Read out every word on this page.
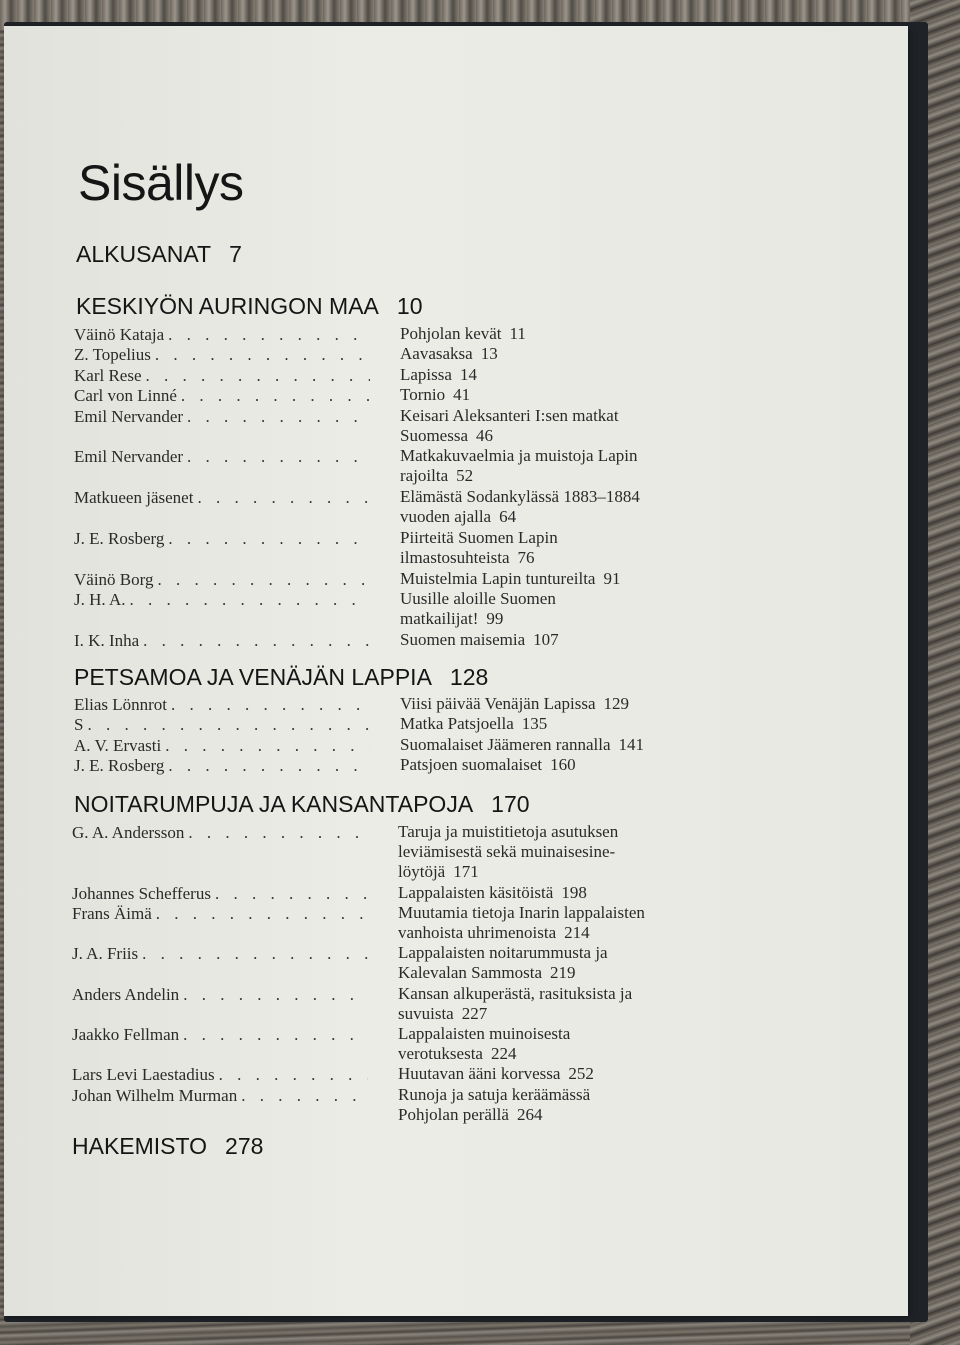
Sisällys
ALKUSANAT 7
KESKIYÖN AURINGON MAA 10
Väinö Kataja . . .	Pohjolan kevät 11
Z. Topelius . . .	Aavasaksa 13
Karl Rese . . .	Lapissa 14
Carl von Linné . . .	Tornio 41
Emil Nervander . . .	Keisari Aleksanteri I:sen matkat
Suomessa 46
Emil Nervander . . .	Matkakuvaelmia ja muistoja Lapin
rajoilta 52
Matkueen jäsenet . . .	Elämästä Sodankylässä 1883–1884
vuoden ajalla 64
J. E. Rosberg . . .	Piirteitä Suomen Lapin
ilmastosuhteista 76
Väinö Borg . . .	Muistelmia Lapin tuntureilta 91
J. H. A. . . .	Uusille aloille Suomen
matkailijat! 99
I. K. Inha . . .	Suomen maisemia 107
PETSAMOA JA VENÄJÄN LAPPIA 128
Elias Lönnrot . . .	Viisi päivää Venäjän Lapissa 129
S . . .	Matka Patsjoella 135
A. V. Ervasti . . .	Suomalaiset Jäämeren rannalla 141
J. E. Rosberg . . .	Patsjoen suomalaiset 160
NOITARUMPUJA JA KANSANTAPOJA 170
G. A. Andersson . . .	Taruja ja muistitietoja asutuksen
leviämisestä sekä muinaisesine-
löytöjä 171
Johannes Schefferus . . .	Lappalaisten käsitöistä 198
Frans Äimä . . .	Muutamia tietoja Inarin lappalaisten
vanhoista uhrimenoista 214
J. A. Friis . . .	Lappalaisten noitarummusta ja
Kalevalan Sammosta 219
Anders Andelin . . .	Kansan alkuperästä, rasituksista ja
suvuista 227
Jaakko Fellman . . .	Lappalaisten muinoisesta
verotuksesta 224
Lars Levi Laestadius . . .	Huutavan ääni korvessa 252
Johan Wilhelm Murman . . .	Runoja ja satuja keräämässä
Pohjolan perällä 264
HAKEMISTO 278
